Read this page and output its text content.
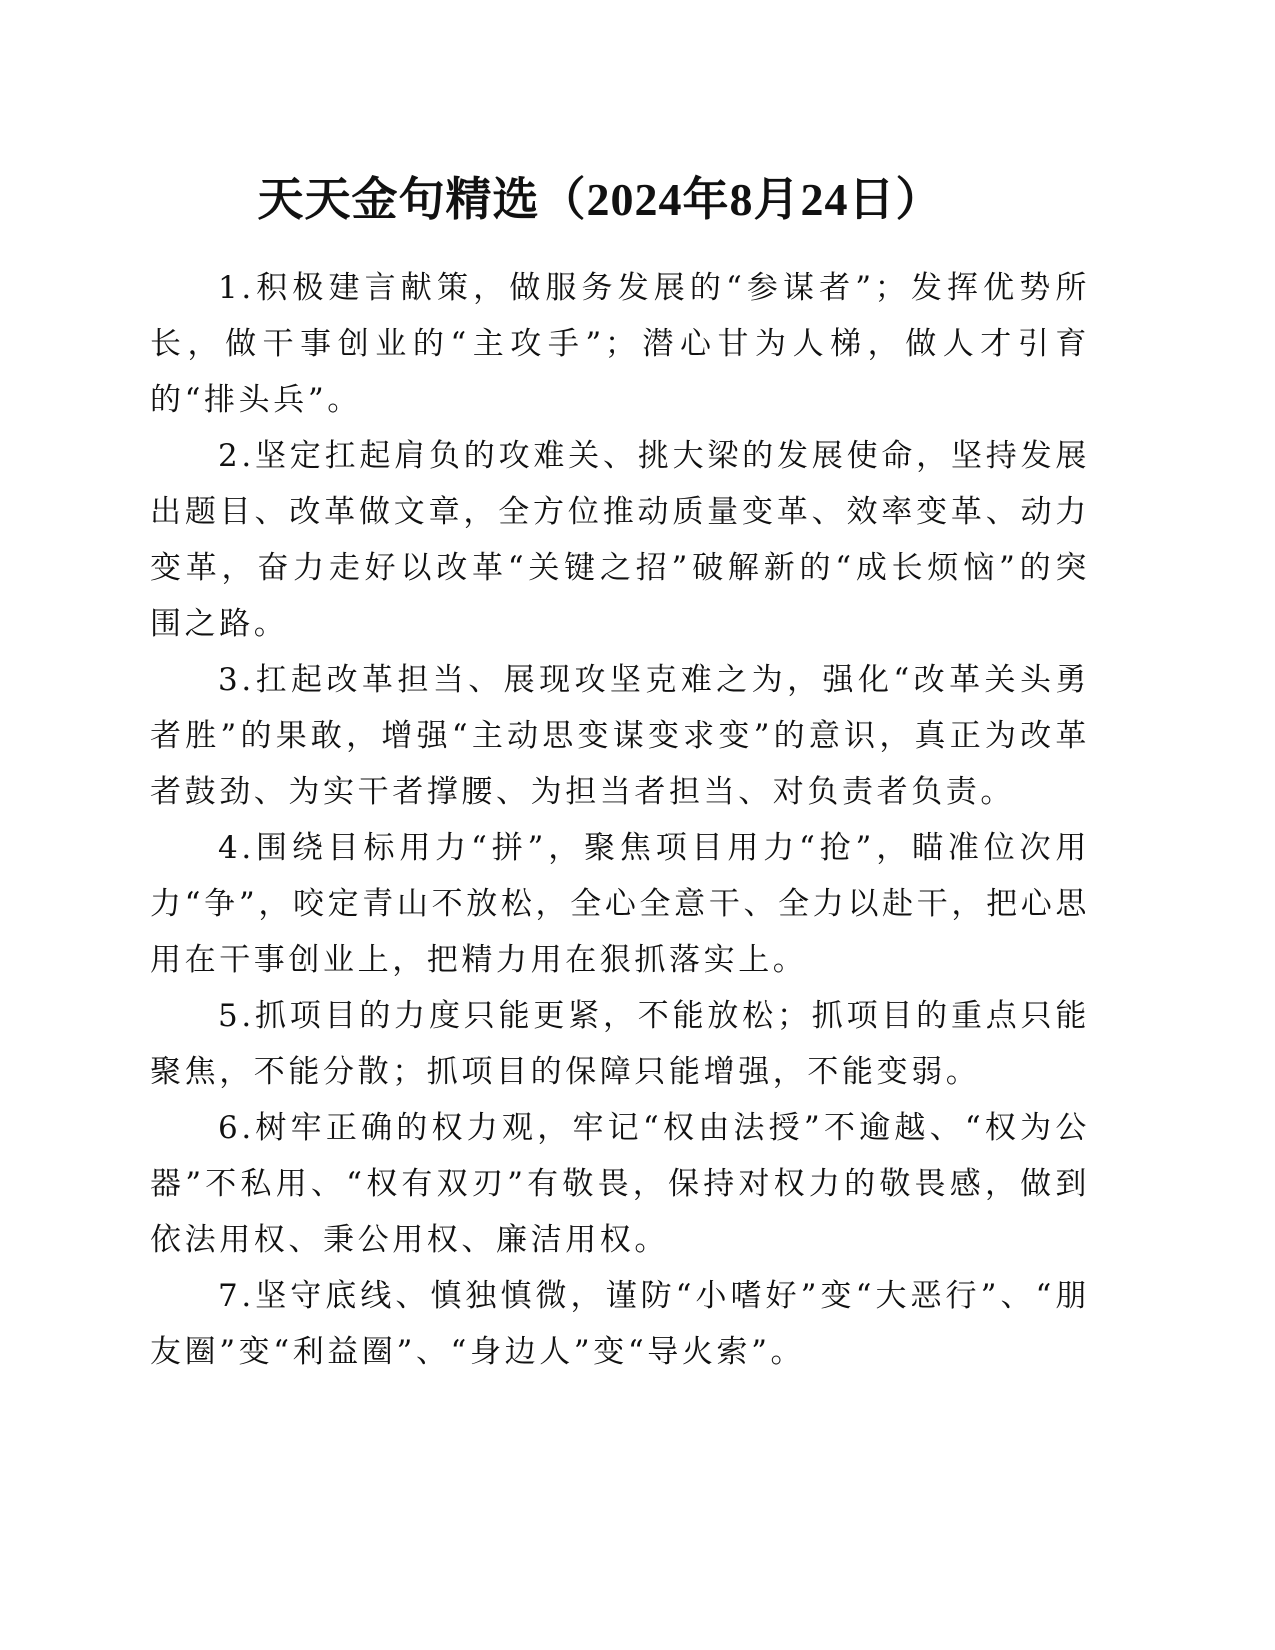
天天金句精选（2024年8月24日）

1.积极建言献策，做服务发展的“参谋者”；发挥优势所长，做干事创业的“主攻手”；潜心甘为人梯，做人才引育的“排头兵”。

2.坚定扛起肩负的攻难关、挑大梁的发展使命，坚持发展出题目、改革做文章，全方位推动质量变革、效率变革、动力变革，奋力走好以改革“关键之招”破解新的“成长烦恼”的突围之路。

3.扛起改革担当、展现攻坚克难之为，强化“改革关头勇者胜”的果敢，增强“主动思变谋变求变”的意识，真正为改革者鼓劲、为实干者撑腰、为担当者担当、对负责者负责。

4.围绕目标用力“拼”，聚焦项目用力“抢”，瞄准位次用力“争”，咬定青山不放松，全心全意干、全力以赴干，把心思用在干事创业上，把精力用在狠抓落实上。

5.抓项目的力度只能更紧，不能放松；抓项目的重点只能聚焦，不能分散；抓项目的保障只能增强，不能变弱。

6.树牢正确的权力观，牢记“权由法授”不逾越、“权为公器”不私用、“权有双刃”有敬畏，保持对权力的敬畏感，做到依法用权、秉公用权、廉洁用权。

7.坚守底线、慎独慎微，谨防“小嗜好”变“大恶行”、“朋友圈”变“利益圈”、“身边人”变“导火索”。
